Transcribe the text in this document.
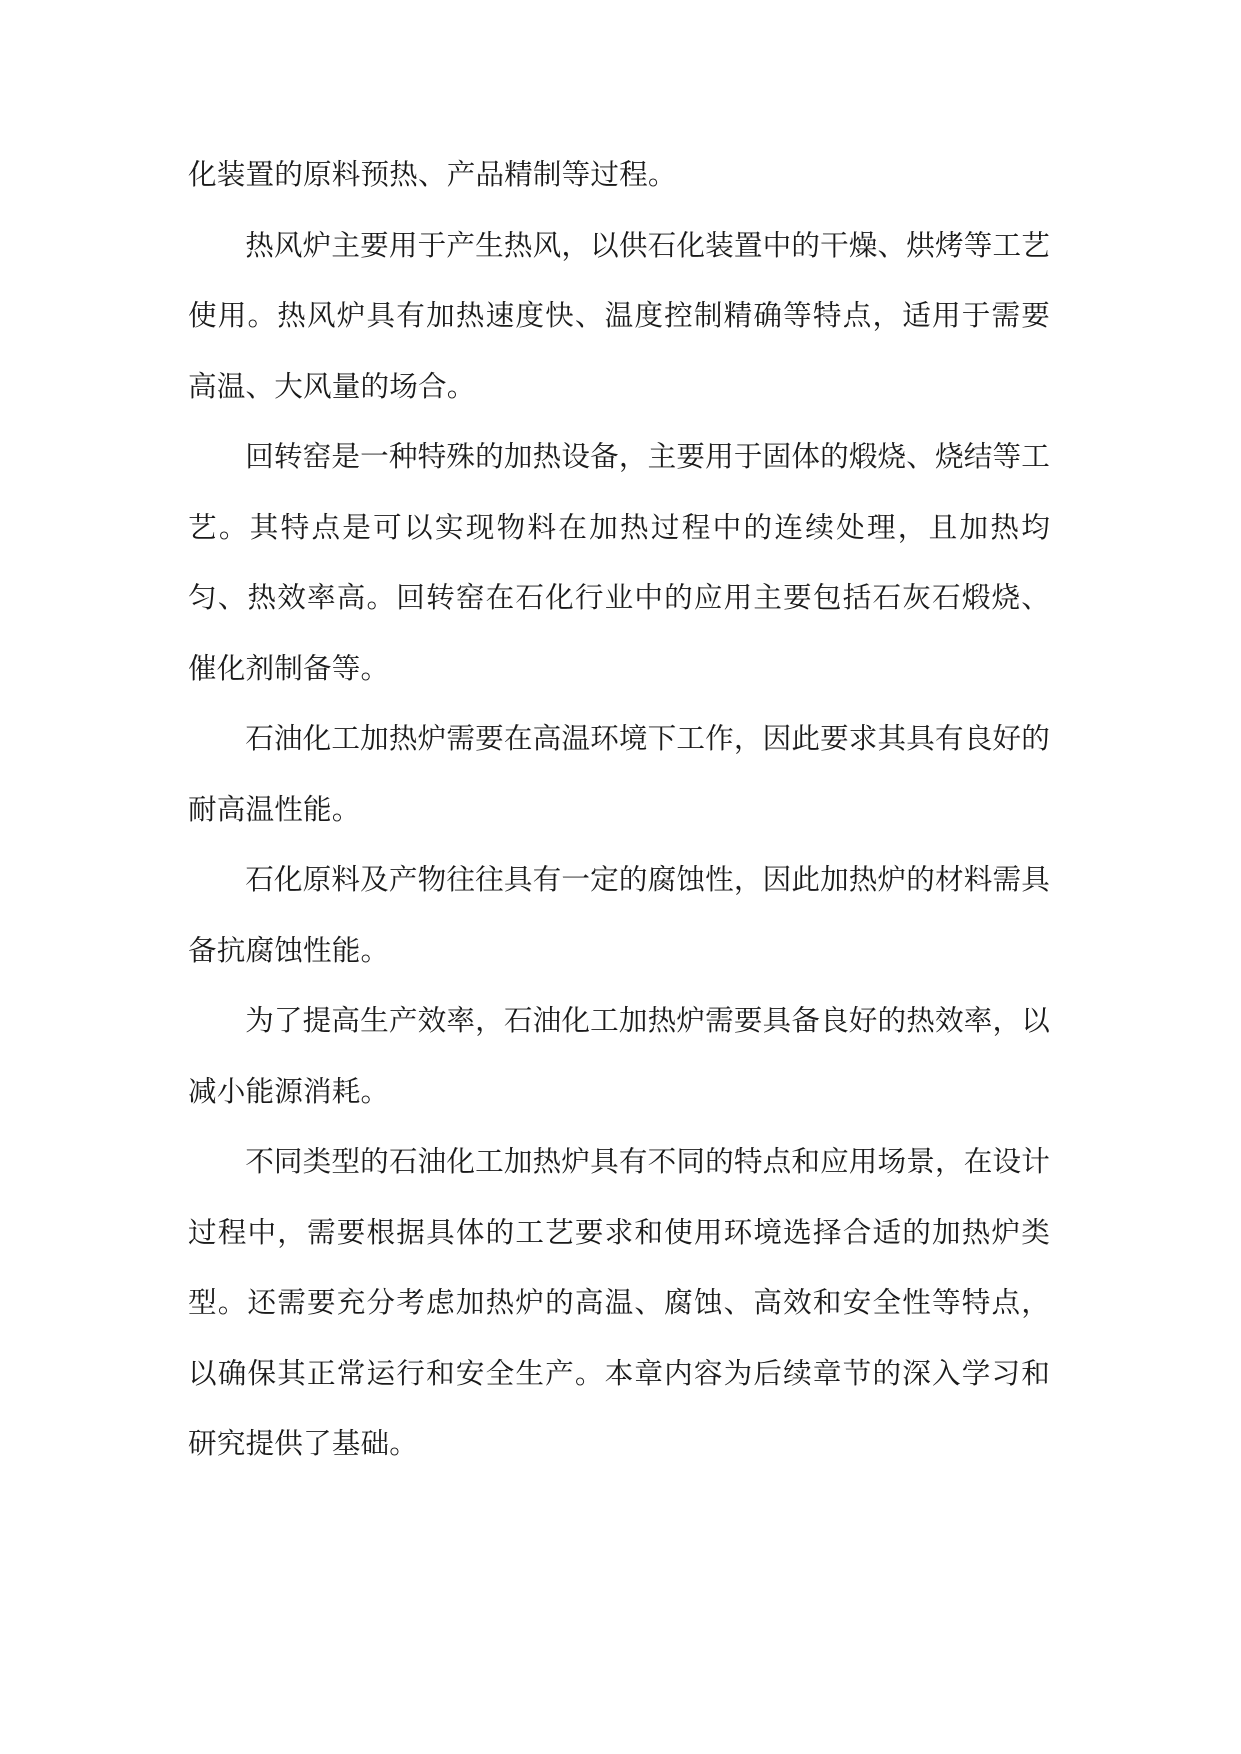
化装置的原料预热、产品精制等过程。

热风炉主要用于产生热风，以供石化装置中的干燥、烘烤等工艺使用。热风炉具有加热速度快、温度控制精确等特点，适用于需要高温、大风量的场合。

回转窑是一种特殊的加热设备，主要用于固体的煅烧、烧结等工艺。其特点是可以实现物料在加热过程中的连续处理，且加热均匀、热效率高。回转窑在石化行业中的应用主要包括石灰石煅烧、催化剂制备等。

石油化工加热炉需要在高温环境下工作，因此要求其具有良好的耐高温性能。

石化原料及产物往往具有一定的腐蚀性，因此加热炉的材料需具备抗腐蚀性能。

为了提高生产效率，石油化工加热炉需要具备良好的热效率，以减小能源消耗。

不同类型的石油化工加热炉具有不同的特点和应用场景，在设计过程中，需要根据具体的工艺要求和使用环境选择合适的加热炉类型。还需要充分考虑加热炉的高温、腐蚀、高效和安全性等特点，以确保其正常运行和安全生产。本章内容为后续章节的深入学习和研究提供了基础。
